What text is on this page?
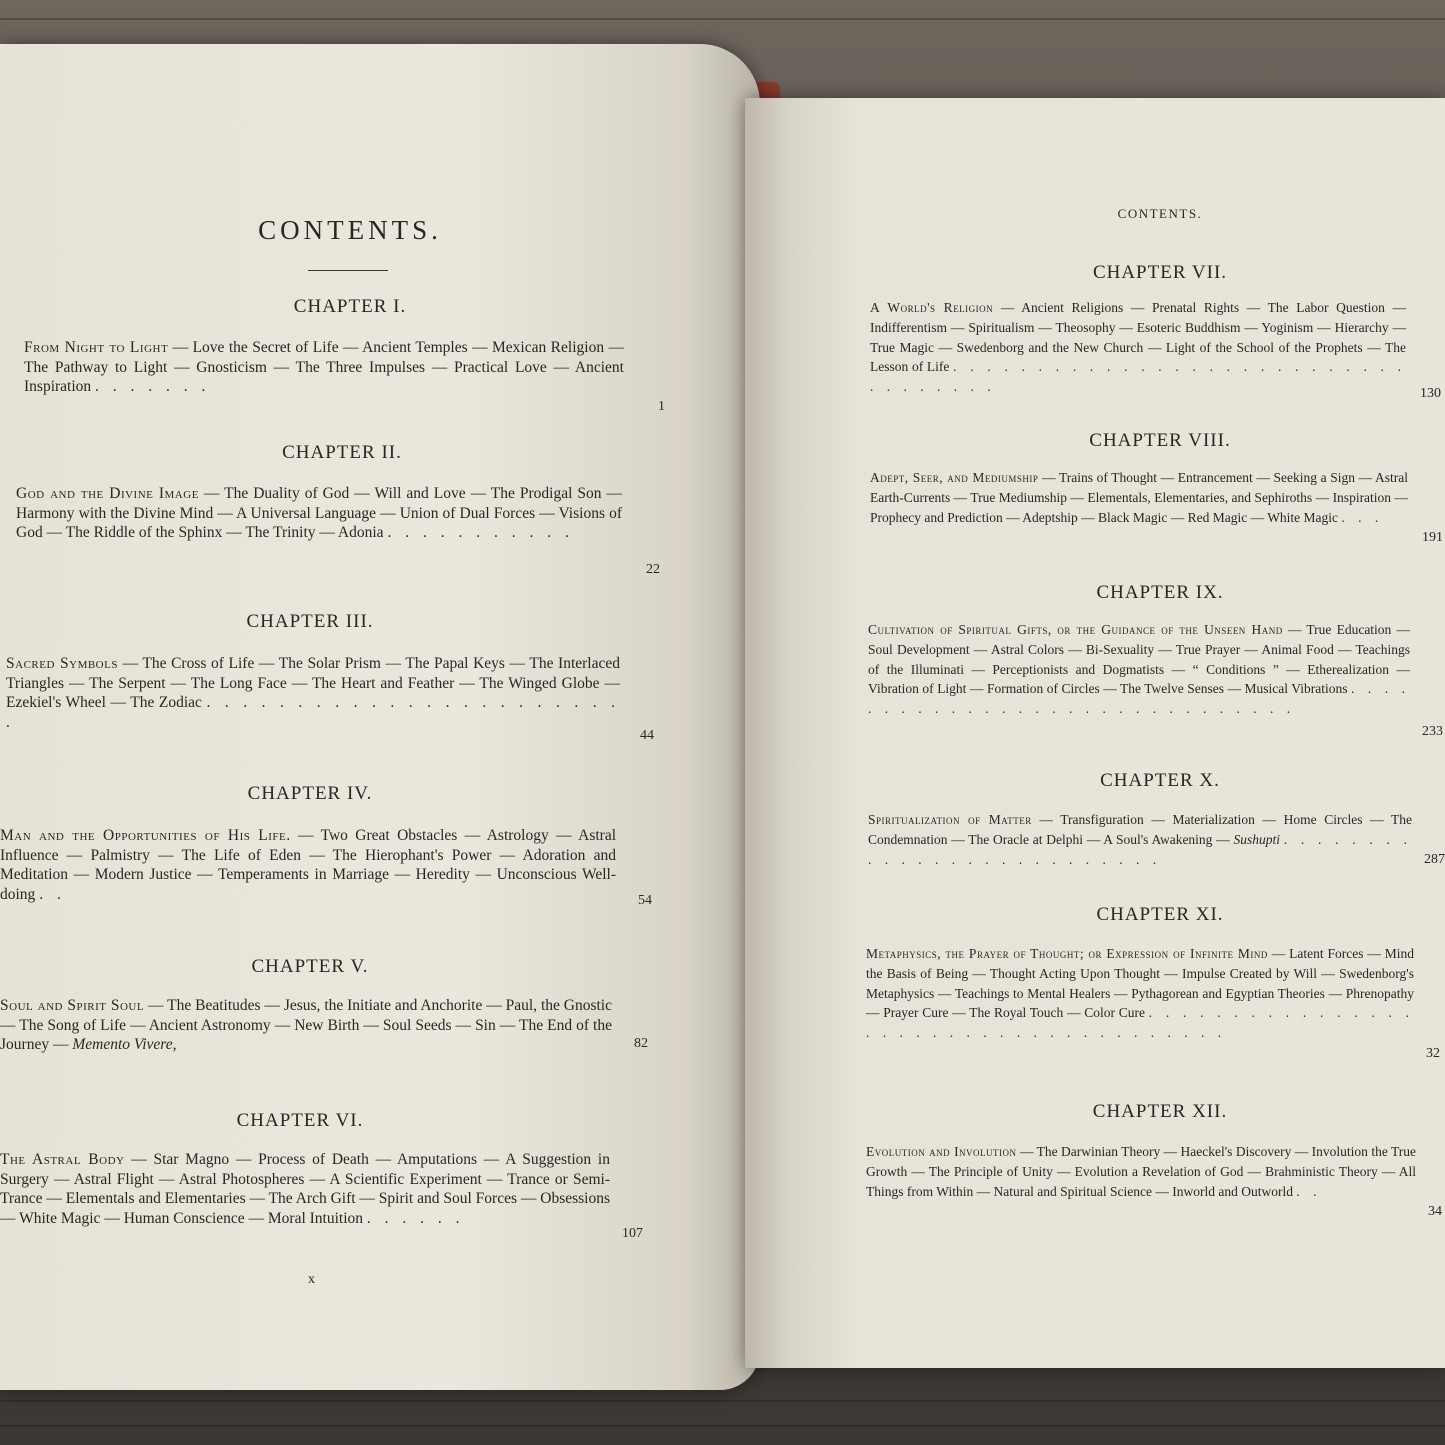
CONTENTS.
CHAPTER I.
From Night to Light — Love the Secret of Life — Ancient Temples — Mexican Religion — The Pathway to Light — Gnosticism — The Three Impulses — Practical Love — Ancient Inspiration . . . . . . .
1
CHAPTER II.
God and the Divine Image — The Duality of God — Will and Love — The Prodigal Son — Harmony with the Divine Mind — A Universal Language — Union of Dual Forces — Visions of God — The Riddle of the Sphinx — The Trinity — Adonia . . . . . . . . . . .
22
CHAPTER III.
Sacred Symbols — The Cross of Life — The Solar Prism — The Papal Keys — The Interlaced Triangles — The Serpent — The Long Face — The Heart and Feather — The Winged Globe — Ezekiel's Wheel — The Zodiac . . . . . . . . . . . . . . . . . . . . . . . .
44
CHAPTER IV.
Man and the Opportunities of His Life. — Two Great Obstacles — Astrology — Astral Influence — Palmistry — The Life of Eden — The Hierophant's Power — Adoration and Meditation — Modern Justice — Temperaments in Marriage — Heredity — Unconscious Well-doing . .	54
CHAPTER V.
Soul and Spirit Soul — The Beatitudes — Jesus, the Initiate and Anchorite — Paul, the Gnostic — The Song of Life — Ancient Astronomy — New Birth — Soul Seeds — Sin — The End of the Journey — Memento Vivere,	82
CHAPTER VI.
The Astral Body — Star Magno — Process of Death — Amputations — A Suggestion in Surgery — Astral Flight — Astral Photospheres — A Scientific Experiment — Trance or Semi-Trance — Elementals and Elementaries — The Arch Gift — Spirit and Soul Forces — Obsessions — White Magic — Human Conscience — Moral Intuition . . . . . .
107
x
CONTENTS.
CHAPTER VII.
A World's Religion — Ancient Religions — Prenatal Rights — The Labor Question — Indifferentism — Spiritualism — Theosophy — Esoteric Buddhism — Yoginism — Hierarchy — True Magic — Swedenborg and the New Church — Light of the School of the Prophets — The Lesson of Life . . . . . . . . . . . . . . . . . . . . . . . . . . . . . . . . . . .	130
CHAPTER VIII.
Adept, Seer, and Mediumship — Trains of Thought — Entrancement — Seeking a Sign — Astral Earth-Currents — True Mediumship — Elementals, Elementaries, and Sephiroths — Inspiration — Prophecy and Prediction — Adeptship — Black Magic — Red Magic — White Magic . . .
191
CHAPTER IX.
Cultivation of Spiritual Gifts, or the Guidance of the Unseen Hand — True Education — Soul Development — Astral Colors — Bi-Sexuality — True Prayer — Animal Food — Teachings of the Illuminati — Perceptionists and Dogmatists — “ Conditions ” — Etherealization — Vibration of Light — Formation of Circles — The Twelve Senses — Musical Vibrations . . . . . . . . . . . . . . . . . . . . . . . . . . . . . .
233
CHAPTER X.
Spiritualization of Matter — Transfiguration — Materialization — Home Circles — The Condemnation — The Oracle at Delphi — A Soul's Awakening — Sushupti . . . . . . . . . . . . . . . . . . . . . . . . . .	287
CHAPTER XI.
Metaphysics, the Prayer of Thought; or Expression of Infinite Mind — Latent Forces — Mind the Basis of Being — Thought Acting Upon Thought — Impulse Created by Will — Swedenborg's Metaphysics — Teachings to Mental Healers — Pythagorean and Egyptian Theories — Phrenopathy — Prayer Cure — The Royal Touch — Color Cure . . . . . . . . . . . . . . . . . . . . . . . . . . . . . . . . . . . . . .
32
CHAPTER XII.
Evolution and Involution — The Darwinian Theory — Haeckel's Discovery — Involution the True Growth — The Principle of Unity — Evolution a Revelation of God — Brahministic Theory — All Things from Within — Natural and Spiritual Science — Inworld and Outworld . .
34
